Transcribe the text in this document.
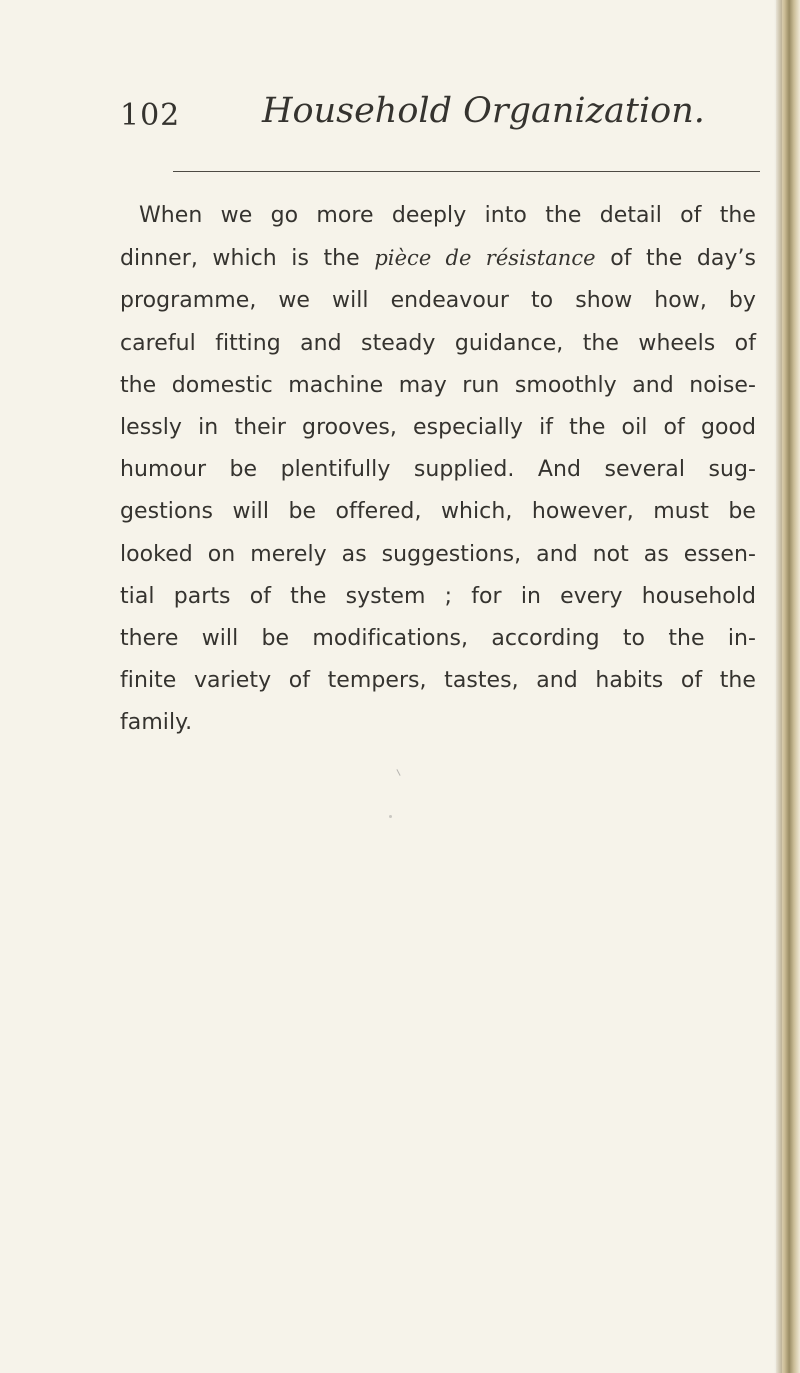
102 Household Organization.
When we go more deeply into the detail of the
dinner, which is the pièce de résistance of the day’s
programme, we will endeavour to show how, by
careful fitting and steady guidance, the wheels of
the domestic machine may run smoothly and noise-
lessly in their grooves, especially if the oil of good
humour be plentifully supplied. And several sug-
gestions will be offered, which, however, must be
looked on merely as suggestions, and not as essen-
tial parts of the system ; for in every household
there will be modifications, according to the in-
finite variety of tempers, tastes, and habits of the
family.
